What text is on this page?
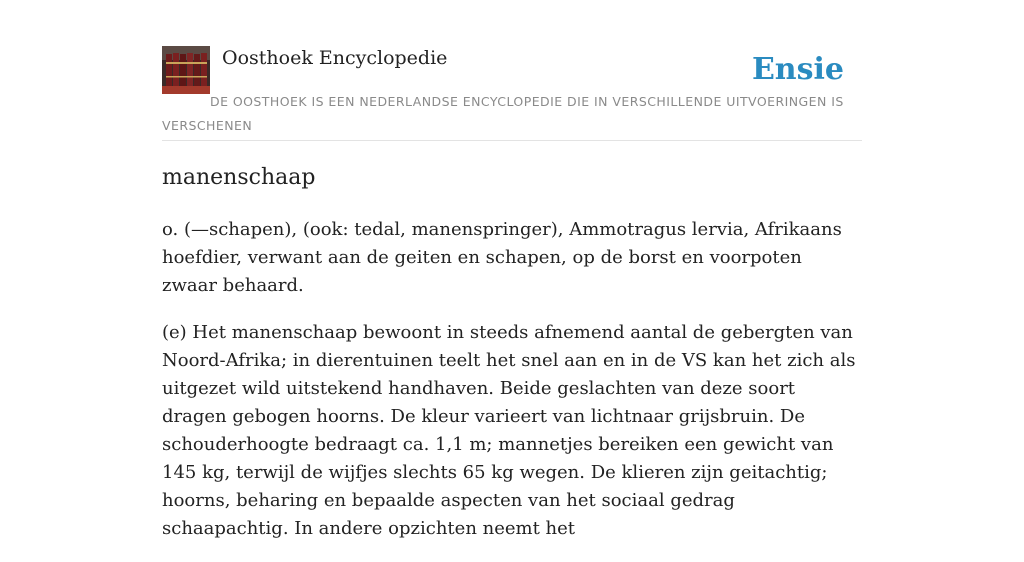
Oosthoek Encyclopedie	Ensie
DE OOSTHOEK IS EEN NEDERLANDSE ENCYCLOPEDIE DIE IN VERSCHILLENDE UITVOERINGEN IS VERSCHENEN
manenschaap

o. (—schapen), (ook: tedal, manenspringer), Ammotragus lervia, Afrikaans hoefdier, verwant aan de geiten en schapen, op de borst en voorpoten zwaar behaard.

(e) Het manenschaap bewoont in steeds afnemend aantal de gebergten van Noord-Afrika; in dierentuinen teelt het snel aan en in de VS kan het zich als uitgezet wild uitstekend handhaven. Beide geslachten van deze soort dragen gebogen hoorns. De kleur varieert van lichtnaar grijsbruin. De schouderhoogte bedraagt ca. 1,1 m; mannetjes bereiken een gewicht van 145 kg, terwijl de wijfjes slechts 65 kg wegen. De klieren zijn geitachtig; hoorns, beharing en bepaalde aspecten van het sociaal gedrag schaapachtig. In andere opzichten neemt het
